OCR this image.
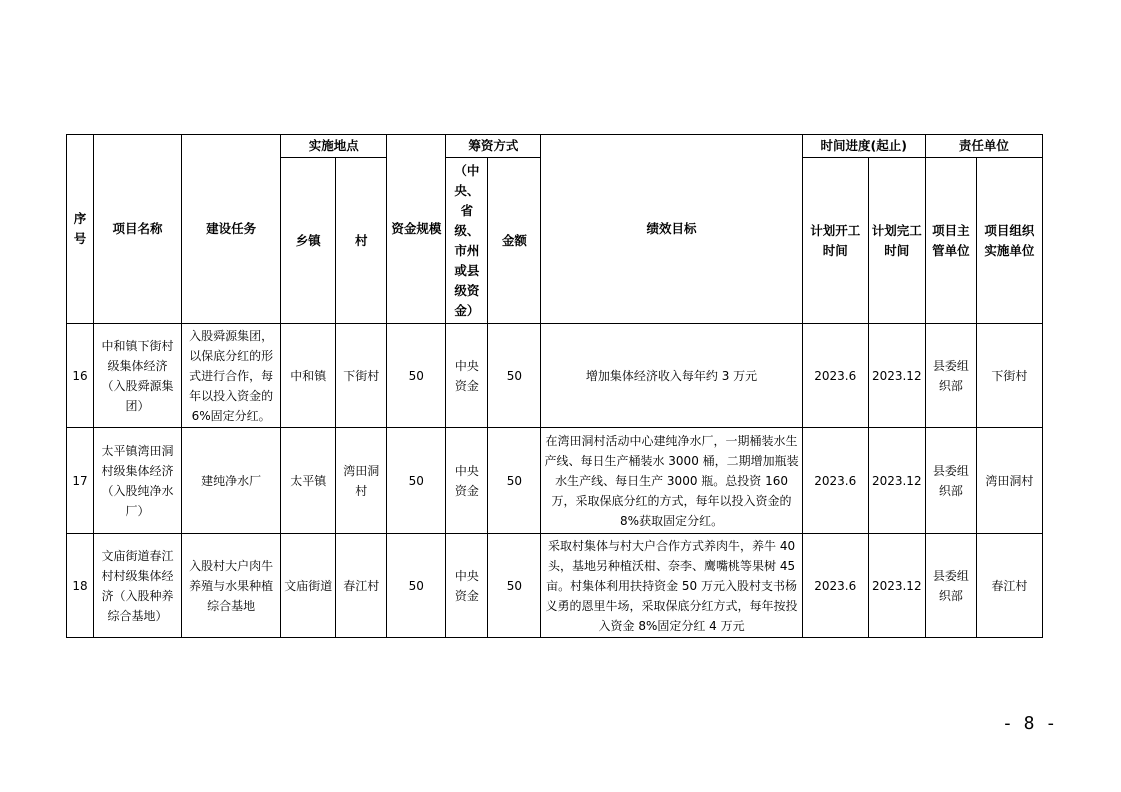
序号	项目名称	建设任务	实施地点		资金规模	筹资方式		绩效目标	时间进度(起止)		责任单位	
			乡镇	村		（中央、省级、市州或县级资金）	金额		计划开工时间	计划完工时间	项目主管单位	项目组织实施单位
16	中和镇下街村级集体经济（入股舜源集团）	入股舜源集团，以保底分红的形式进行合作，每年以投入资金的6%固定分红。	中和镇	下街村	50	中央资金	50	增加集体经济收入每年约 3 万元	2023.6	2023.12	县委组织部	下街村
17	太平镇湾田洞村级集体经济（入股纯净水厂）	建纯净水厂	太平镇	湾田洞村	50	中央资金	50	在湾田洞村活动中心建纯净水厂，一期桶装水生产线、每日生产桶装水 3000 桶，二期增加瓶装水生产线、每日生产 3000 瓶。总投资 160 万，采取保底分红的方式，每年以投入资金的 8%获取固定分红。	2023.6	2023.12	县委组织部	湾田洞村
18	文庙街道春江村村级集体经济（入股种养综合基地）	入股村大户肉牛养殖与水果种植综合基地	文庙街道	春江村	50	中央资金	50	采取村集体与村大户合作方式养肉牛，养牛 40 头，基地另种植沃柑、奈李、鹰嘴桃等果树 45 亩。村集体利用扶持资金 50 万元入股村支书杨义勇的恩里牛场，采取保底分红方式，每年按投入资金 8%固定分红 4 万元	2023.6	2023.12	县委组织部	春江村
- 8 -
